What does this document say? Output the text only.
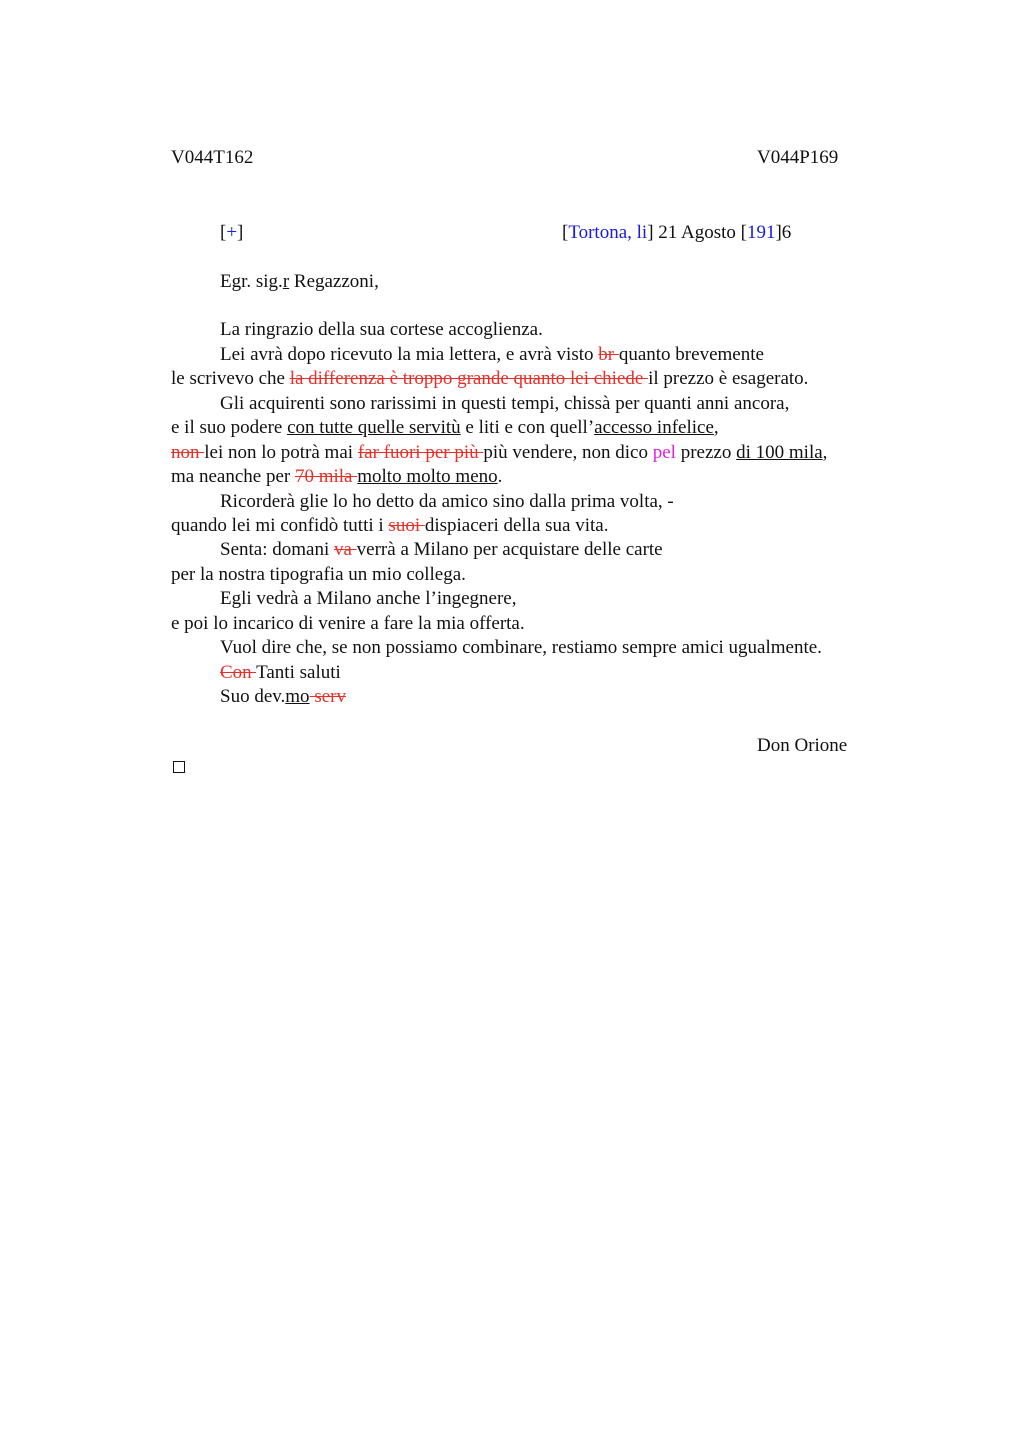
V044T162	V044P169
[+]	[Tortona, li] 21 Agosto [191]6
Egr. sig.r Regazzoni,
La ringrazio della sua cortese accoglienza.
Lei avrà dopo ricevuto la mia lettera, e avrà visto br quanto brevemente
le scrivevo che la differenza è troppo grande quanto lei chiede il prezzo è esagerato.
Gli acquirenti sono rarissimi in questi tempi, chissà per quanti anni ancora,
e il suo podere con tutte quelle servitù e liti e con quell’accesso infelice,
non lei non lo potrà mai far fuori per più più vendere, non dico pel prezzo di 100 mila,
ma neanche per 70 mila molto molto meno.
Ricorderà glie lo ho detto da amico sino dalla prima volta, -
quando lei mi confidò tutti i suoi dispiaceri della sua vita.
Senta: domani va verrà a Milano per acquistare delle carte
per la nostra tipografia un mio collega.
Egli vedrà a Milano anche l’ingegnere,
e poi lo incarico di venire a fare la mia offerta.
Vuol dire che, se non possiamo combinare, restiamo sempre amici ugualmente.
Con Tanti saluti
Suo dev.mo serv
Don Orione
